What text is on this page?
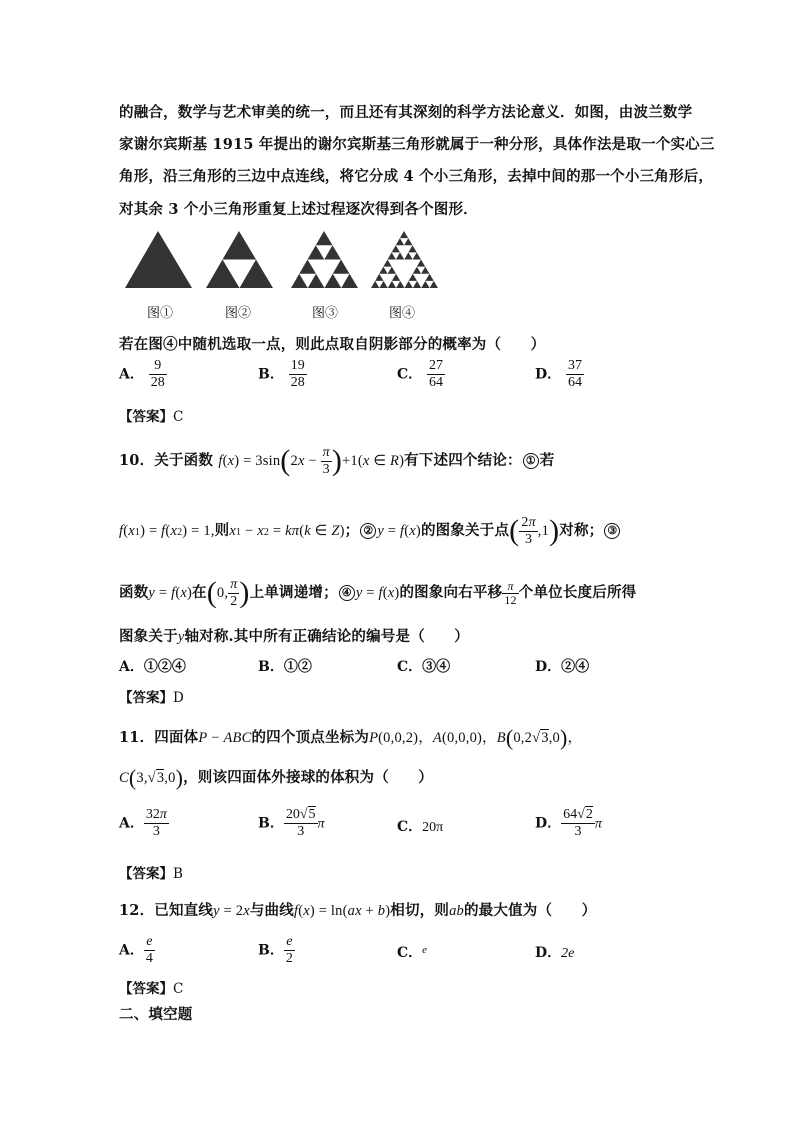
的融合，数学与艺术审美的统一，而且还有其深刻的科学方法论意义．如图，由波兰数学
家谢尔宾斯基 1915 年提出的谢尔宾斯基三角形就属于一种分形，具体作法是取一个实心三
角形，沿三角形的三边中点连线，将它分成 4 个小三角形，去掉中间的那一个小三角形后，
对其余 3 个小三角形重复上述过程逐次得到各个图形．
图①	图②	图③	图④
若在图④中随机选取一点，则此点取自阴影部分的概率为（　　）
A． $\frac{9}{28}$	B． $\frac{19}{28}$	C． $\frac{27}{64}$	D． $\frac{37}{64}$
【答案】C
10．关于函数 $f(x) = 3\sin(2x - \frac{\pi}{3} )+1(x$ ∈ R)有下述四个结论： ① 若
f(x1) = f(x2) = 1,则x1 − x2 = kπ(k ∈ Z)； ② y = f(x)的图象关于点( $\frac{2\pi}{3} ,1$)对称； ③
函数y = f(x)在(0, $\frac{\pi}{2}$ )上单调递增； ④ y = f(x)的图象向右平移 $\frac{\pi}{12}$ 个单位长度后所得
图象关于y轴对称.其中所有正确结论的编号是（　　）
A．①②④	B．①②	C．③④	D．②④
【答案】D
11．四面体P − ABC的四个顶点坐标为P(0,0,2)，A(0,0,0)，B(0,2√3,0)，
C(3,√3,0)，则该四面体外接球的体积为（　　）
A． $\frac{32\pi}{3}$	B． $\frac{20√5}{3}$ π	C．20π	D． $\frac{64√2}{3}$ π
【答案】B
12．已知直线y = 2x与曲线f(x) = ln(ax + b)相切，则ab的最大值为（　　）
A． $\frac{e}{4}$	B． $\frac{e}{2}$	C．$^e$	D．2e
【答案】C
二、填空题
